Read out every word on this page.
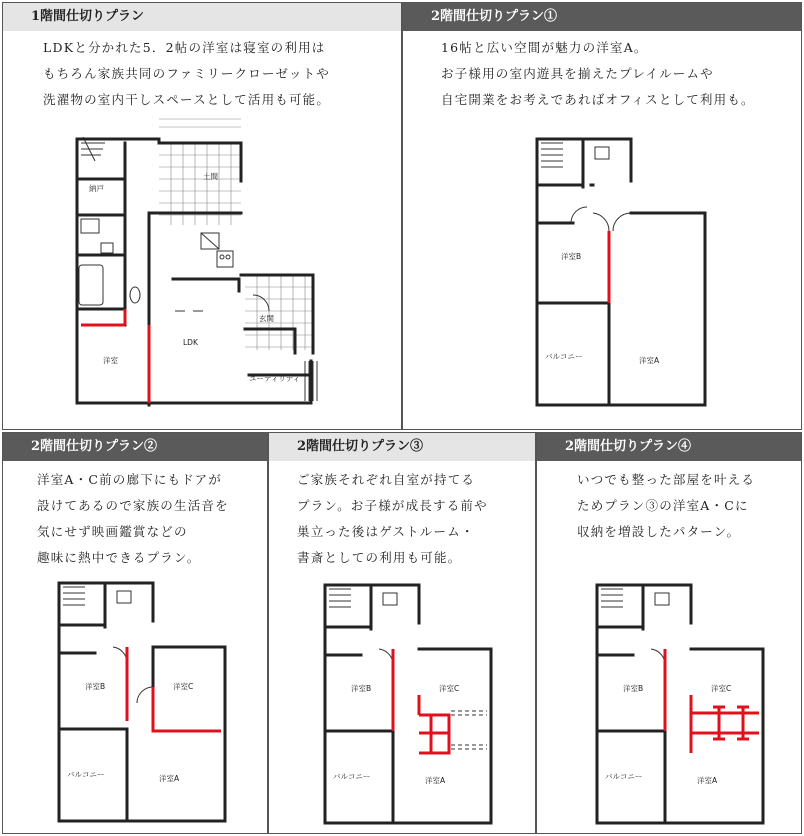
1階間仕切りプラン
LDKと分かれた5．2帖の洋室は寝室の利用は
もちろん家族共同のファミリークローゼットや
洗濯物の室内干しスペースとして活用も可能。
納戸
土間
LDK
玄関
洋室
ユーティリティ
2階間仕切りプラン①
16帖と広い空間が魅力の洋室A。
お子様用の室内遊具を揃えたプレイルームや
自宅開業をお考えであればオフィスとして利用も。
洋室B
バルコニー	洋室A
2階間仕切りプラン②
洋室A・C前の廊下にもドアが
設けてあるので家族の生活音を
気にせず映画鑑賞などの
趣味に熱中できるプラン。
洋室B	洋室C
バルコニー	洋室A
2階間仕切りプラン③
ご家族それぞれ自室が持てる
プラン。お子様が成長する前や
巣立った後はゲストルーム・
書斎としての利用も可能。
洋室B	洋室C
バルコニー	洋室A
2階間仕切りプラン④
いつでも整った部屋を叶える
ためプラン③の洋室A・Cに
収納を増設したパターン。
洋室B	洋室C
バルコニー	洋室A
